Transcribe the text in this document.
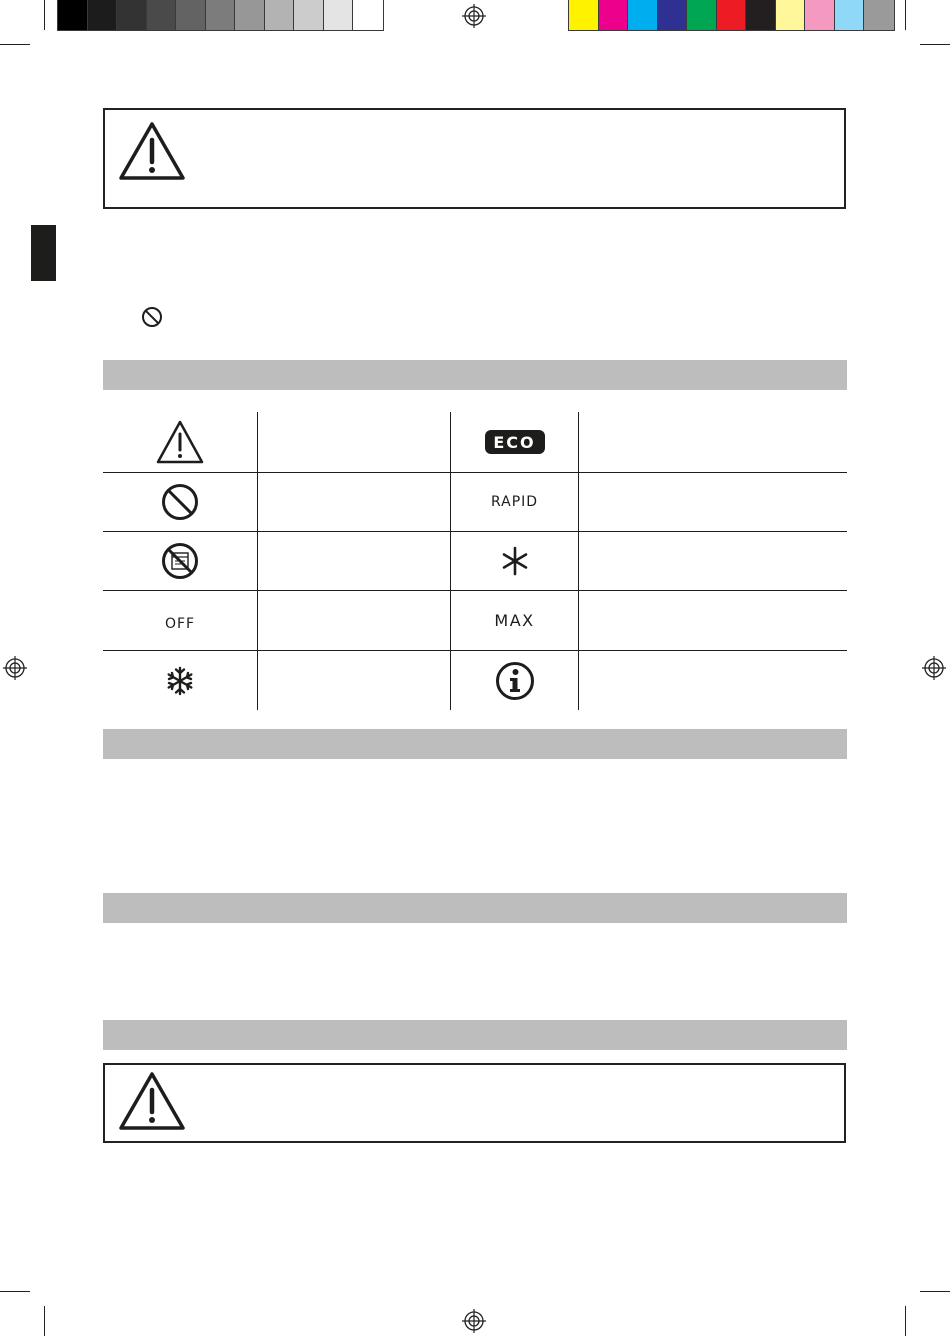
ECO
RAPID
OFF	MAX
